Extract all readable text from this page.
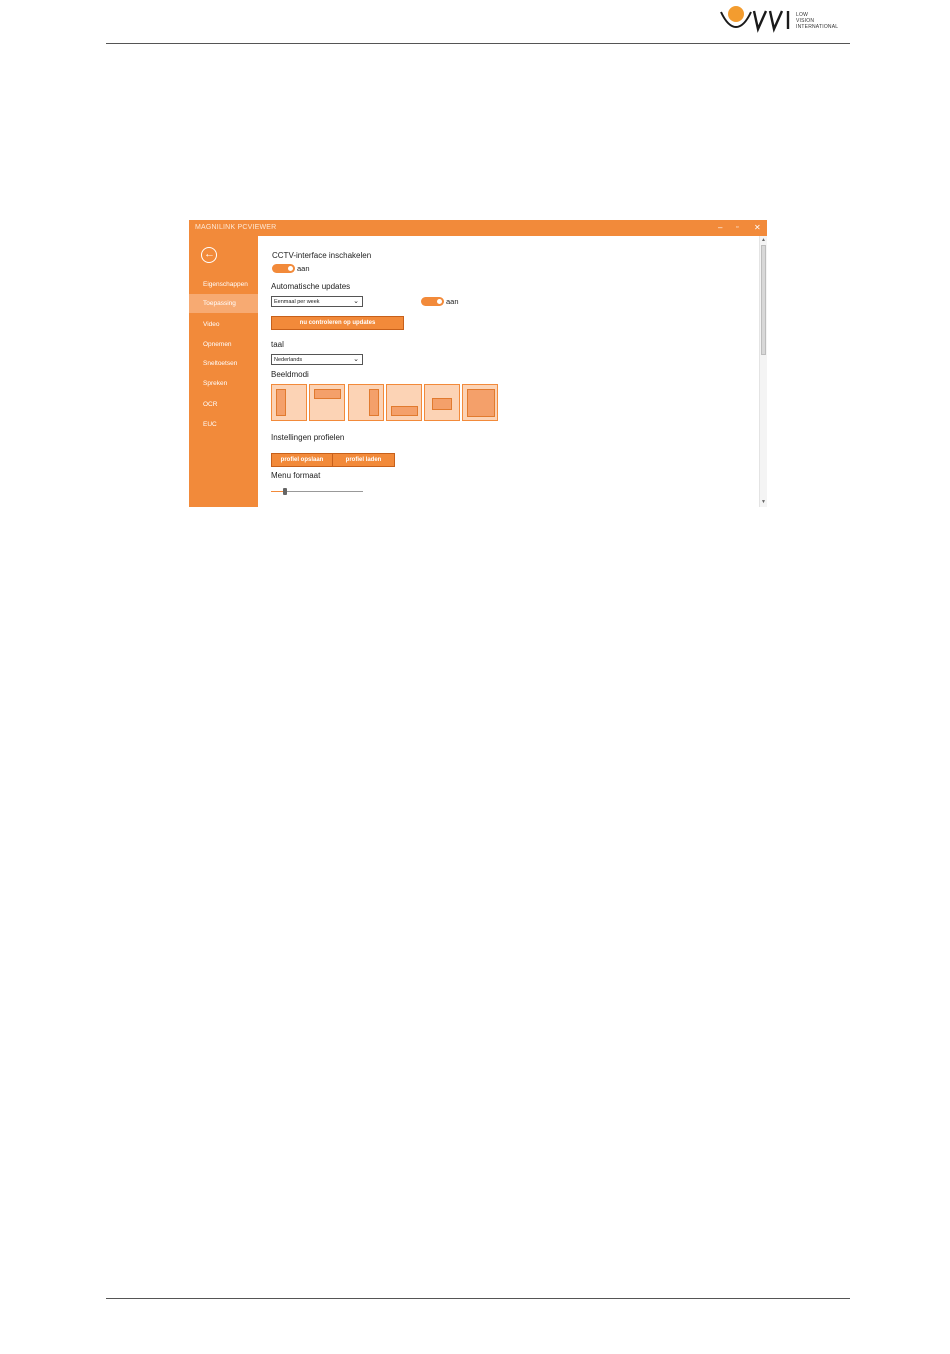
LOW
VISION
INTERNATIONAL
MAGNILINK PCVIEWER	– ▫ ✕
←
Eigenschappen
Toepassing
Video
Opnemen
Sneltoetsen
Spreken
OCR
EUC
CCTV-interface inschakelen
aan
Automatische updates
Eenmaal per week	⌄	aan
nu controleren op updates
taal
Nederlands	⌄
Beeldmodi
Instellingen profielen
profiel opslaan	profiel laden
Menu formaat
▲
▼
